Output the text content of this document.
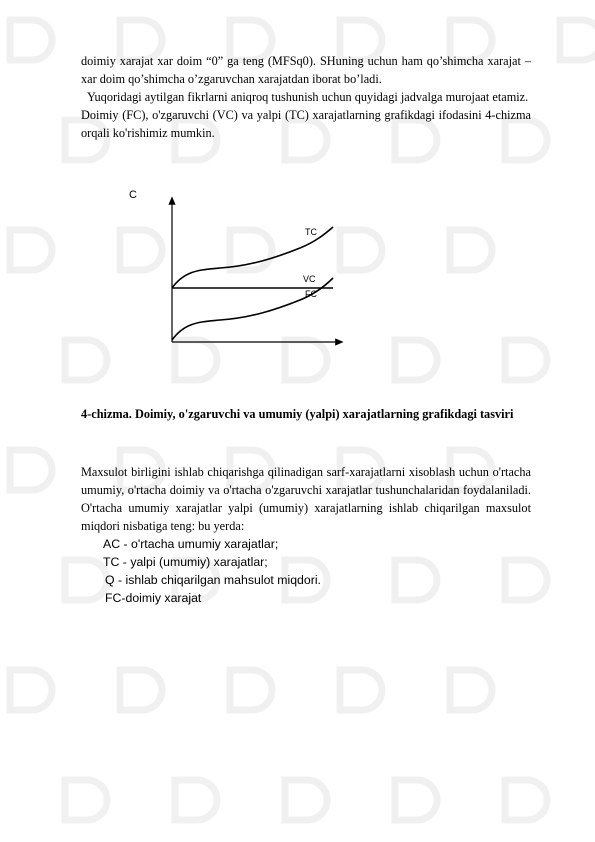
doimiy xarajat xar doim “0” ga teng (MFSq0). SHuning uchun ham qo’shimcha xarajat –xar doim qo’shimcha o’zgaruvchan xarajatdan iborat bo’ladi.

Yuqoridagi aytilgan fikrlarni aniqroq tushunish uchun quyidagi jadvalga murojaat etamiz.

Doimiy (FC), o'zgaruvchi (VC) va yalpi (TC) xarajatlarning grafikdagi ifodasini 4-chizma orqali ko'rishimiz mumkin.

C
TC
VC
FC

4-chizma. Doimiy, o'zgaruvchi va umumiy (yalpi) xarajatlarning grafikdagi tasviri

Maxsulot birligini ishlab chiqarishga qilinadigan sarf-xarajatlarni xisoblash uchun o'rtacha umumiy, o'rtacha doimiy va o'rtacha o'zgaruvchi xarajatlar tushunchalaridan foydalaniladi. O'rtacha umumiy xarajatlar yalpi (umumiy) xarajatlarning ishlab chiqarilgan maxsulot miqdori nisbatiga teng: bu yerda:

AC - o'rtacha umumiy xarajatlar;
TC - yalpi (umumiy) xarajatlar;
Q - ishlab chiqarilgan mahsulot miqdori.
FC-doimiy xarajat
